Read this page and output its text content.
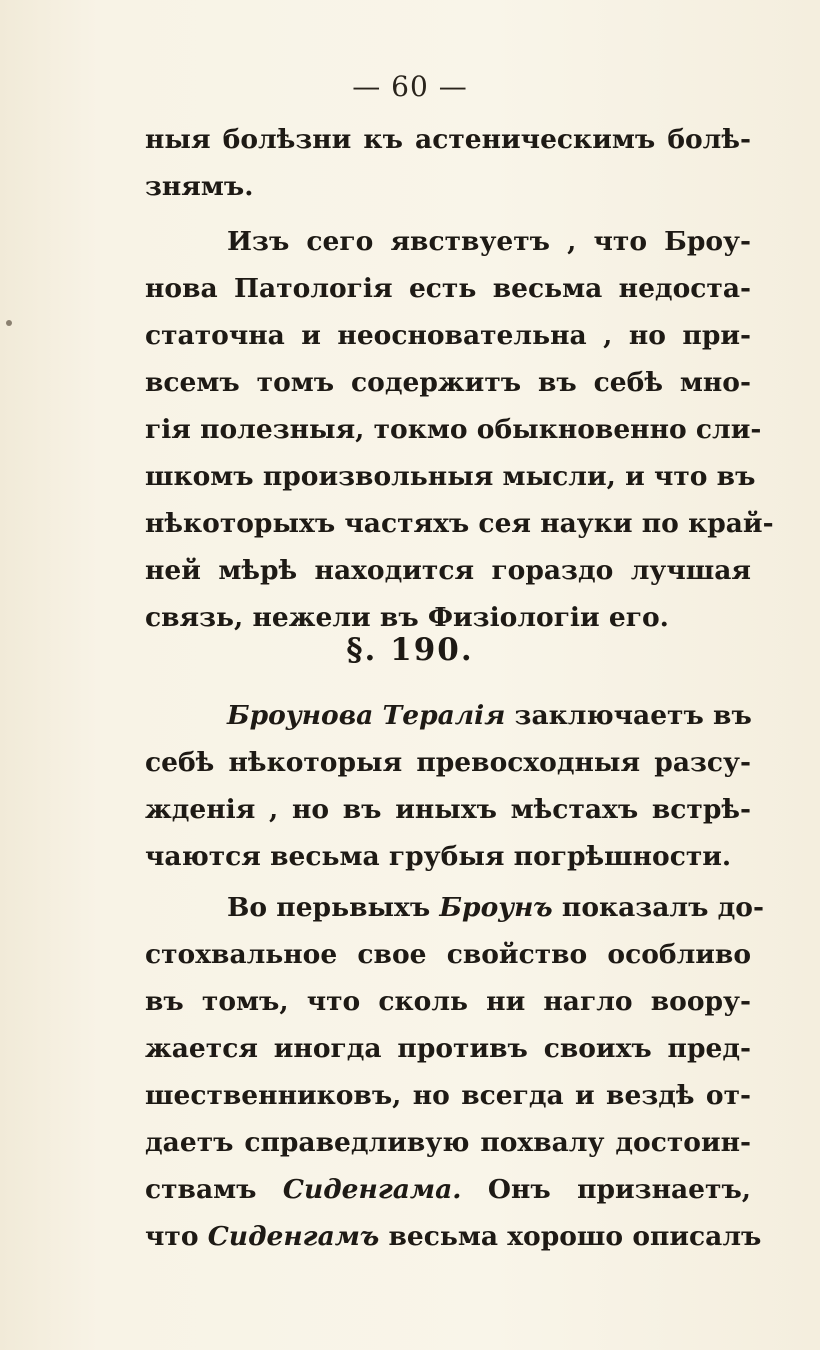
— 60 —
ныя болѣзни къ астеническимъ болѣ-
знямъ.
Изъ сего явствуетъ , что Броу-
нова Патологія есть весьма недоста-
статочна и неосновательна , но при-
всемъ томъ содержитъ въ себѣ мно-
гія полезныя, токмо обыкновенно сли-
шкомъ произвольныя мысли, и что въ
нѣкоторыхъ частяхъ сея науки по край-
ней мѣрѣ находится гораздо лучшая
связь, нежели въ Физіологіи его.
§. 190.
Броунова Тералія заключаетъ въ
себѣ нѣкоторыя превосходныя разсу-
жденія , но въ иныхъ мѣстахъ встрѣ-
чаются весьма грубыя погрѣшности.
Во перьвыхъ Броунъ показалъ до-
стохвальное свое свойство особливо
въ томъ, что сколь ни нагло воору-
жается иногда противъ своихъ пред-
шественниковъ, но всегда и вездѣ от-
даетъ справедливую похвалу достоин-
ствамъ Сиденгама. Онъ признаетъ,
что Сиденгамъ весьма хорошо описалъ
